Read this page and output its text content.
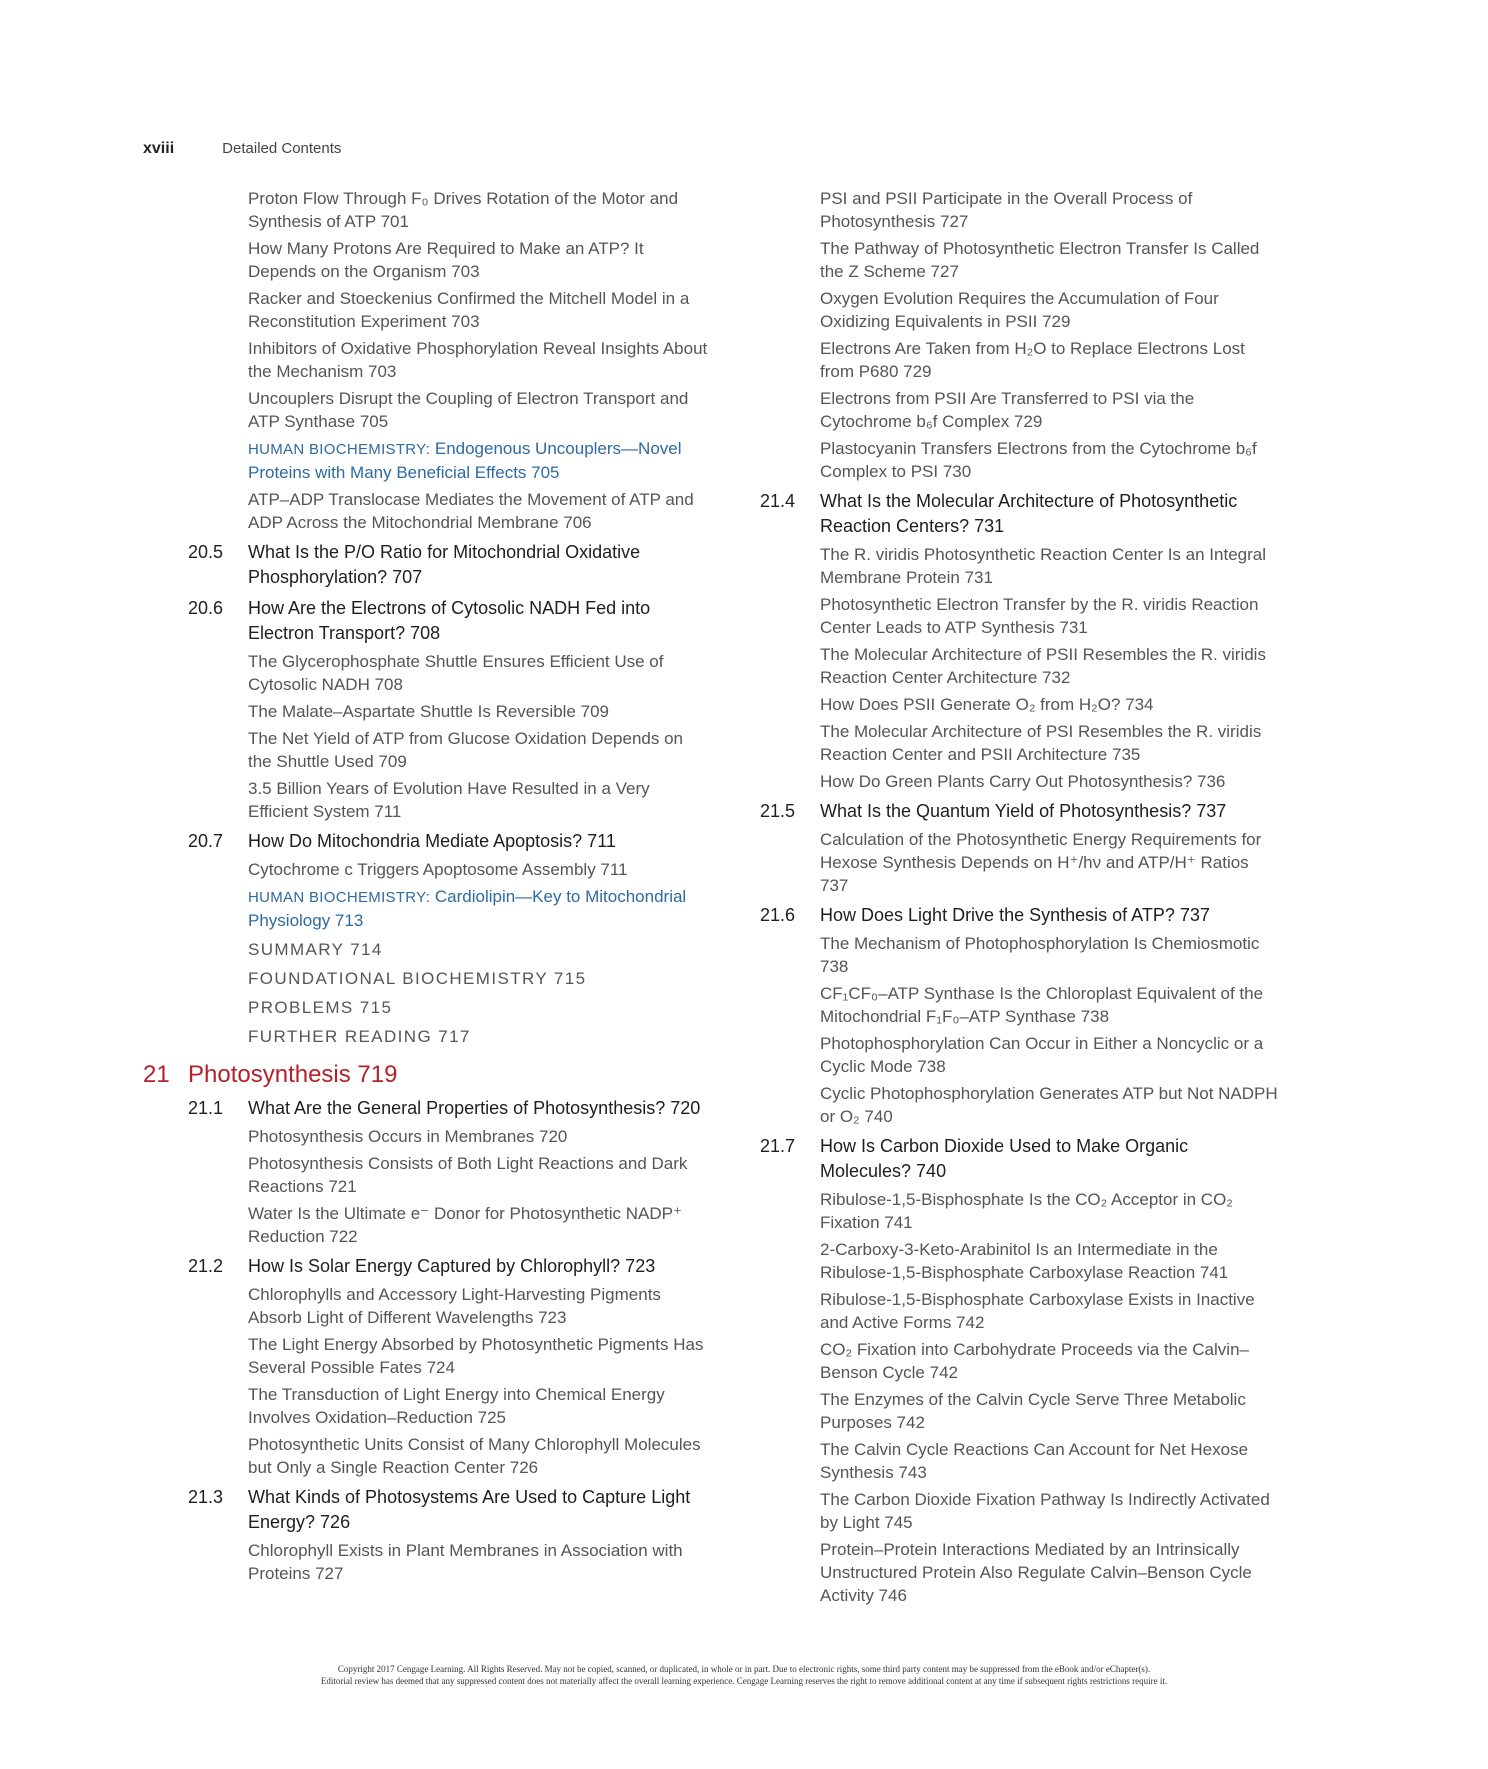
xviii	Detailed Contents
Proton Flow Through F₀ Drives Rotation of the Motor and Synthesis of ATP 701
How Many Protons Are Required to Make an ATP? It Depends on the Organism 703
Racker and Stoeckenius Confirmed the Mitchell Model in a Reconstitution Experiment 703
Inhibitors of Oxidative Phosphorylation Reveal Insights About the Mechanism 703
Uncouplers Disrupt the Coupling of Electron Transport and ATP Synthase 705
HUMAN BIOCHEMISTRY: Endogenous Uncouplers—Novel Proteins with Many Beneficial Effects 705
ATP–ADP Translocase Mediates the Movement of ATP and ADP Across the Mitochondrial Membrane 706
20.5 What Is the P/O Ratio for Mitochondrial Oxidative Phosphorylation? 707
20.6 How Are the Electrons of Cytosolic NADH Fed into Electron Transport? 708
The Glycerophosphate Shuttle Ensures Efficient Use of Cytosolic NADH 708
The Malate–Aspartate Shuttle Is Reversible 709
The Net Yield of ATP from Glucose Oxidation Depends on the Shuttle Used 709
3.5 Billion Years of Evolution Have Resulted in a Very Efficient System 711
20.7 How Do Mitochondria Mediate Apoptosis? 711
Cytochrome c Triggers Apoptosome Assembly 711
HUMAN BIOCHEMISTRY: Cardiolipin—Key to Mitochondrial Physiology 713
SUMMARY 714
FOUNDATIONAL BIOCHEMISTRY 715
PROBLEMS 715
FURTHER READING 717
21 Photosynthesis 719
21.1 What Are the General Properties of Photosynthesis? 720
Photosynthesis Occurs in Membranes 720
Photosynthesis Consists of Both Light Reactions and Dark Reactions 721
Water Is the Ultimate e⁻ Donor for Photosynthetic NADP⁺ Reduction 722
21.2 How Is Solar Energy Captured by Chlorophyll? 723
Chlorophylls and Accessory Light-Harvesting Pigments Absorb Light of Different Wavelengths 723
The Light Energy Absorbed by Photosynthetic Pigments Has Several Possible Fates 724
The Transduction of Light Energy into Chemical Energy Involves Oxidation–Reduction 725
Photosynthetic Units Consist of Many Chlorophyll Molecules but Only a Single Reaction Center 726
21.3 What Kinds of Photosystems Are Used to Capture Light Energy? 726
Chlorophyll Exists in Plant Membranes in Association with Proteins 727
PSI and PSII Participate in the Overall Process of Photosynthesis 727
The Pathway of Photosynthetic Electron Transfer Is Called the Z Scheme 727
Oxygen Evolution Requires the Accumulation of Four Oxidizing Equivalents in PSII 729
Electrons Are Taken from H₂O to Replace Electrons Lost from P680 729
Electrons from PSII Are Transferred to PSI via the Cytochrome b₆f Complex 729
Plastocyanin Transfers Electrons from the Cytochrome b₆f Complex to PSI 730
21.4 What Is the Molecular Architecture of Photosynthetic Reaction Centers? 731
The R. viridis Photosynthetic Reaction Center Is an Integral Membrane Protein 731
Photosynthetic Electron Transfer by the R. viridis Reaction Center Leads to ATP Synthesis 731
The Molecular Architecture of PSII Resembles the R. viridis Reaction Center Architecture 732
How Does PSII Generate O₂ from H₂O? 734
The Molecular Architecture of PSI Resembles the R. viridis Reaction Center and PSII Architecture 735
How Do Green Plants Carry Out Photosynthesis? 736
21.5 What Is the Quantum Yield of Photosynthesis? 737
Calculation of the Photosynthetic Energy Requirements for Hexose Synthesis Depends on H⁺/hν and ATP/H⁺ Ratios 737
21.6 How Does Light Drive the Synthesis of ATP? 737
The Mechanism of Photophosphorylation Is Chemiosmotic 738
CF₁CF₀–ATP Synthase Is the Chloroplast Equivalent of the Mitochondrial F₁F₀–ATP Synthase 738
Photophosphorylation Can Occur in Either a Noncyclic or a Cyclic Mode 738
Cyclic Photophosphorylation Generates ATP but Not NADPH or O₂ 740
21.7 How Is Carbon Dioxide Used to Make Organic Molecules? 740
Ribulose-1,5-Bisphosphate Is the CO₂ Acceptor in CO₂ Fixation 741
2-Carboxy-3-Keto-Arabinitol Is an Intermediate in the Ribulose-1,5-Bisphosphate Carboxylase Reaction 741
Ribulose-1,5-Bisphosphate Carboxylase Exists in Inactive and Active Forms 742
CO₂ Fixation into Carbohydrate Proceeds via the Calvin–Benson Cycle 742
The Enzymes of the Calvin Cycle Serve Three Metabolic Purposes 742
The Calvin Cycle Reactions Can Account for Net Hexose Synthesis 743
The Carbon Dioxide Fixation Pathway Is Indirectly Activated by Light 745
Protein–Protein Interactions Mediated by an Intrinsically Unstructured Protein Also Regulate Calvin–Benson Cycle Activity 746
Copyright 2017 Cengage Learning. All Rights Reserved. May not be copied, scanned, or duplicated, in whole or in part. Due to electronic rights, some third party content may be suppressed from the eBook and/or eChapter(s).
Editorial review has deemed that any suppressed content does not materially affect the overall learning experience. Cengage Learning reserves the right to remove additional content at any time if subsequent rights restrictions require it.
